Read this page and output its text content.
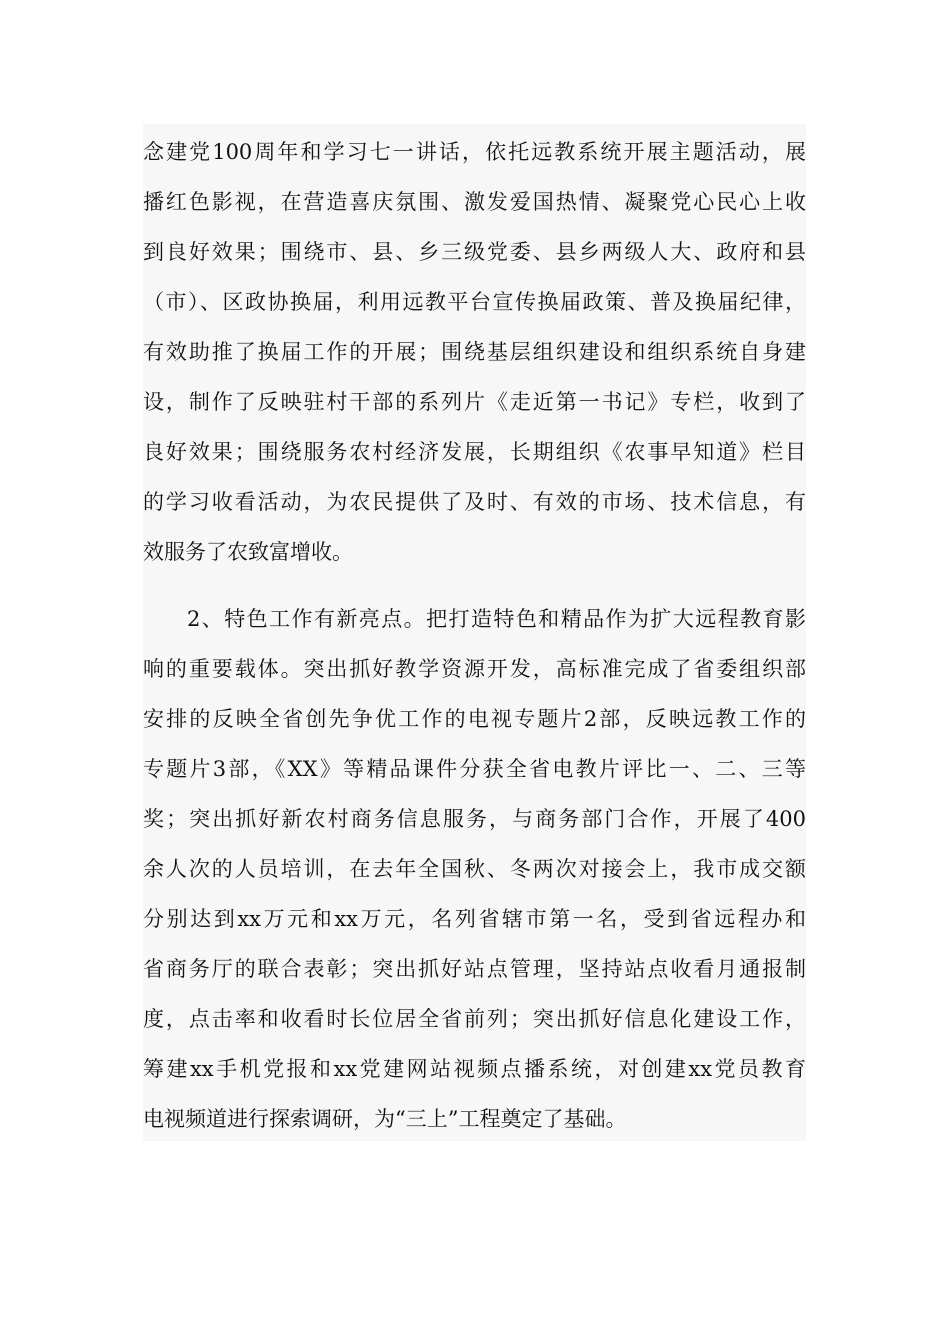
念建党100周年和学习七一讲话，依托远教系统开展主题活动，展
播红色影视，在营造喜庆氛围、激发爱国热情、凝聚党心民心上收
到良好效果；围绕市、县、乡三级党委、县乡两级人大、政府和县
（市）、区政协换届，利用远教平台宣传换届政策、普及换届纪律，
有效助推了换届工作的开展；围绕基层组织建设和组织系统自身建
设，制作了反映驻村干部的系列片《走近第一书记》专栏，收到了
良好效果；围绕服务农村经济发展，长期组织《农事早知道》栏目
的学习收看活动，为农民提供了及时、有效的市场、技术信息，有
效服务了农致富增收。
2、特色工作有新亮点。把打造特色和精品作为扩大远程教育影
响的重要载体。突出抓好教学资源开发，高标准完成了省委组织部
安排的反映全省创先争优工作的电视专题片2部，反映远教工作的
专题片3部，《XX》等精品课件分获全省电教片评比一、二、三等
奖；突出抓好新农村商务信息服务，与商务部门合作，开展了400
余人次的人员培训，在去年全国秋、冬两次对接会上，我市成交额
分别达到xx万元和xx万元，名列省辖市第一名，受到省远程办和
省商务厅的联合表彰；突出抓好站点管理，坚持站点收看月通报制
度，点击率和收看时长位居全省前列；突出抓好信息化建设工作，
筹建xx手机党报和xx党建网站视频点播系统，对创建xx党员教育
电视频道进行探索调研，为“三上”工程奠定了基础。
